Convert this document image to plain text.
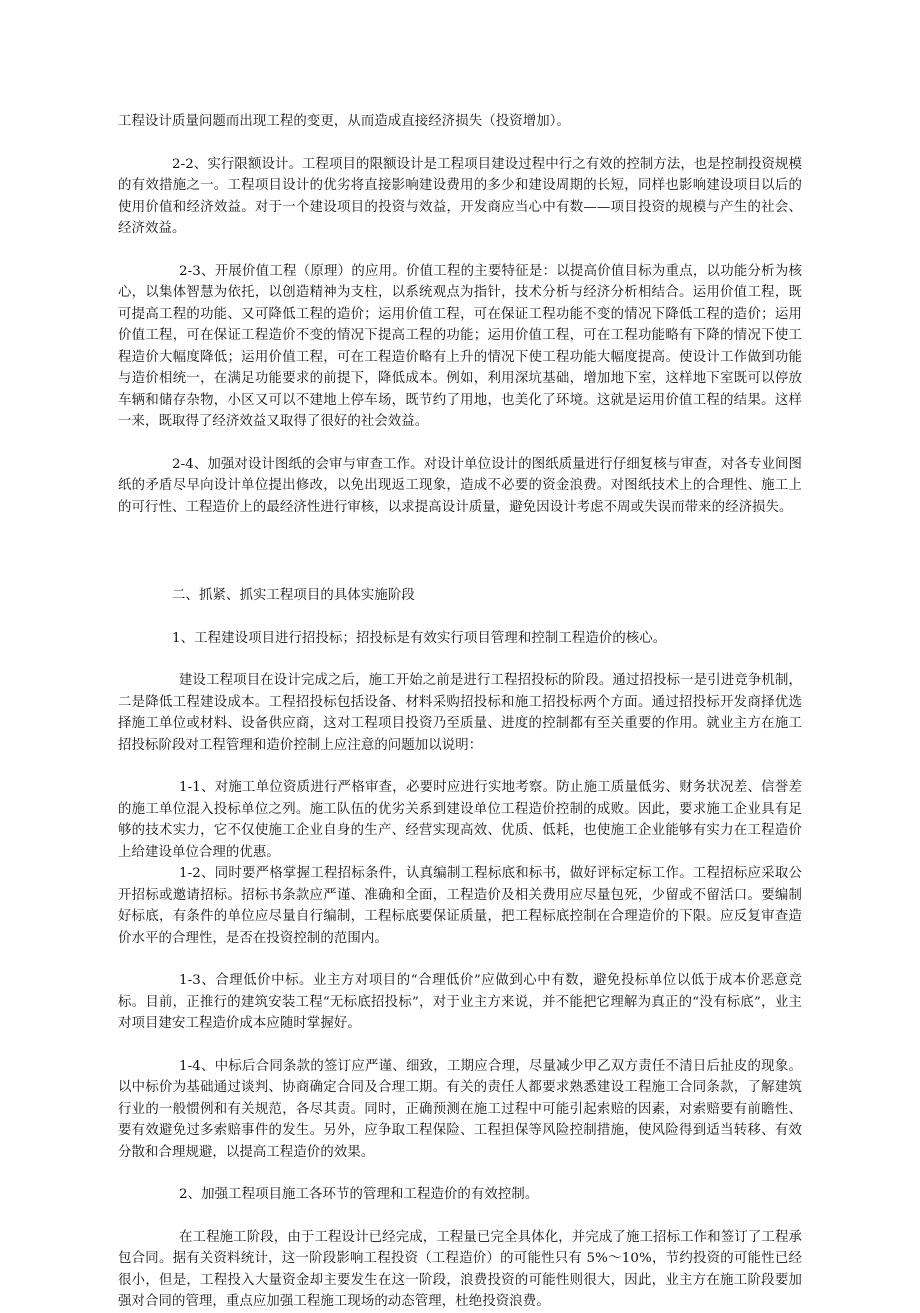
工程设计质量问题而出现工程的变更，从而造成直接经济损失（投资增加）。

2-2、实行限额设计。工程项目的限额设计是工程项目建设过程中行之有效的控制方法，也是控制投资规模的有效措施之一。工程项目设计的优劣将直接影响建设费用的多少和建设周期的长短，同样也影响建设项目以后的使用价值和经济效益。对于一个建设项目的投资与效益，开发商应当心中有数——项目投资的规模与产生的社会、经济效益。

2-3、开展价值工程（原理）的应用。价值工程的主要特征是：以提高价值目标为重点，以功能分析为核心，以集体智慧为依托，以创造精神为支柱，以系统观点为指针，技术分析与经济分析相结合。运用价值工程，既可提高工程的功能、又可降低工程的造价；运用价值工程，可在保证工程功能不变的情况下降低工程的造价；运用价值工程，可在保证工程造价不变的情况下提高工程的功能；运用价值工程，可在工程功能略有下降的情况下使工程造价大幅度降低；运用价值工程，可在工程造价略有上升的情况下使工程功能大幅度提高。使设计工作做到功能与造价相统一，在满足功能要求的前提下，降低成本。例如，利用深坑基础，增加地下室，这样地下室既可以停放车辆和储存杂物，小区又可以不建地上停车场，既节约了用地，也美化了环境。这就是运用价值工程的结果。这样一来，既取得了经济效益又取得了很好的社会效益。

2-4、加强对设计图纸的会审与审查工作。对设计单位设计的图纸质量进行仔细复核与审查，对各专业间图纸的矛盾尽早向设计单位提出修改，以免出现返工现象，造成不必要的资金浪费。对图纸技术上的合理性、施工上的可行性、工程造价上的最经济性进行审核，以求提高设计质量，避免因设计考虑不周或失误而带来的经济损失。

二、抓紧、抓实工程项目的具体实施阶段

1、工程建设项目进行招投标；招投标是有效实行项目管理和控制工程造价的核心。

建设工程项目在设计完成之后，施工开始之前是进行工程招投标的阶段。通过招投标一是引进竞争机制，二是降低工程建设成本。工程招投标包括设备、材料采购招投标和施工招投标两个方面。通过招投标开发商择优选择施工单位或材料、设备供应商，这对工程项目投资乃至质量、进度的控制都有至关重要的作用。就业主方在施工招投标阶段对工程管理和造价控制上应注意的问题加以说明：

1-1、对施工单位资质进行严格审查，必要时应进行实地考察。防止施工质量低劣、财务状况差、信誉差的施工单位混入投标单位之列。施工队伍的优劣关系到建设单位工程造价控制的成败。因此，要求施工企业具有足够的技术实力，它不仅使施工企业自身的生产、经营实现高效、优质、低耗，也使施工企业能够有实力在工程造价上给建设单位合理的优惠。

1-2、同时要严格掌握工程招标条件，认真编制工程标底和标书，做好评标定标工作。工程招标应采取公开招标或邀请招标。招标书条款应严谨、准确和全面，工程造价及相关费用应尽量包死，少留或不留活口。要编制好标底，有条件的单位应尽量自行编制，工程标底要保证质量，把工程标底控制在合理造价的下限。应反复审查造价水平的合理性，是否在投资控制的范围内。

1-3、合理低价中标。业主方对项目的“合理低价”应做到心中有数，避免投标单位以低于成本价恶意竞标。目前，正推行的建筑安装工程“无标底招投标”，对于业主方来说，并不能把它理解为真正的“没有标底”，业主对项目建安工程造价成本应随时掌握好。

1-4、中标后合同条款的签订应严谨、细致，工期应合理，尽量减少甲乙双方责任不清日后扯皮的现象。以中标价为基础通过谈判、协商确定合同及合理工期。有关的责任人都要求熟悉建设工程施工合同条款，了解建筑行业的一般惯例和有关规范，各尽其责。同时，正确预测在施工过程中可能引起索赔的因素，对索赔要有前瞻性、要有效避免过多索赔事件的发生。另外，应争取工程保险、工程担保等风险控制措施，使风险得到适当转移、有效分散和合理规避，以提高工程造价的效果。

2、加强工程项目施工各环节的管理和工程造价的有效控制。

在工程施工阶段，由于工程设计已经完成，工程量已完全具体化，并完成了施工招标工作和签订了工程承包合同。据有关资料统计，这一阶段影响工程投资（工程造价）的可能性只有 5%～10%，节约投资的可能性已经很小，但是，工程投入大量资金却主要发生在这一阶段，浪费投资的可能性则很大，因此，业主方在施工阶段要加强对合同的管理，重点应加强工程施工现场的动态管理，杜绝投资浪费。
